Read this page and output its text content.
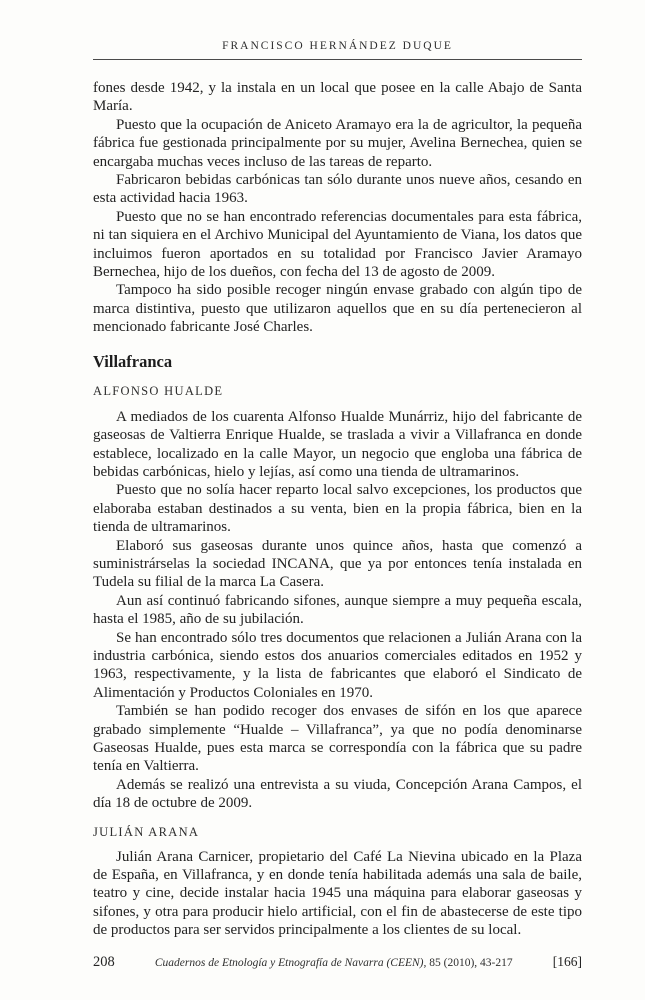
FRANCISCO HERNÁNDEZ DUQUE

fones desde 1942, y la instala en un local que posee en la calle Abajo de Santa María.

Puesto que la ocupación de Aniceto Aramayo era la de agricultor, la pequeña fábrica fue gestionada principalmente por su mujer, Avelina Bernechea, quien se encargaba muchas veces incluso de las tareas de reparto.

Fabricaron bebidas carbónicas tan sólo durante unos nueve años, cesando en esta actividad hacia 1963.

Puesto que no se han encontrado referencias documentales para esta fábrica, ni tan siquiera en el Archivo Municipal del Ayuntamiento de Viana, los datos que incluimos fueron aportados en su totalidad por Francisco Javier Aramayo Bernechea, hijo de los dueños, con fecha del 13 de agosto de 2009.

Tampoco ha sido posible recoger ningún envase grabado con algún tipo de marca distintiva, puesto que utilizaron aquellos que en su día pertenecieron al mencionado fabricante José Charles.

Villafranca
ALFONSO HUALDE

A mediados de los cuarenta Alfonso Hualde Munárriz, hijo del fabricante de gaseosas de Valtierra Enrique Hualde, se traslada a vivir a Villafranca en donde establece, localizado en la calle Mayor, un negocio que engloba una fábrica de bebidas carbónicas, hielo y lejías, así como una tienda de ultramarinos.

Puesto que no solía hacer reparto local salvo excepciones, los productos que elaboraba estaban destinados a su venta, bien en la propia fábrica, bien en la tienda de ultramarinos.

Elaboró sus gaseosas durante unos quince años, hasta que comenzó a suministrárselas la sociedad INCANA, que ya por entonces tenía instalada en Tudela su filial de la marca La Casera.

Aun así continuó fabricando sifones, aunque siempre a muy pequeña escala, hasta el 1985, año de su jubilación.

Se han encontrado sólo tres documentos que relacionen a Julián Arana con la industria carbónica, siendo estos dos anuarios comerciales editados en 1952 y 1963, respectivamente, y la lista de fabricantes que elaboró el Sindicato de Alimentación y Productos Coloniales en 1970.

También se han podido recoger dos envases de sifón en los que aparece grabado simplemente “Hualde – Villafranca”, ya que no podía denominarse Gaseosas Hualde, pues esta marca se correspondía con la fábrica que su padre tenía en Valtierra.

Además se realizó una entrevista a su viuda, Concepción Arana Campos, el día 18 de octubre de 2009.

JULIÁN ARANA

Julián Arana Carnicer, propietario del Café La Nievina ubicado en la Plaza de España, en Villafranca, y en donde tenía habilitada además una sala de baile, teatro y cine, decide instalar hacia 1945 una máquina para elaborar gaseosas y sifones, y otra para producir hielo artificial, con el fin de abastecerse de este tipo de productos para ser servidos principalmente a los clientes de su local.

208	Cuadernos de Etnología y Etnografía de Navarra (CEEN), 85 (2010), 43-217	[166]
